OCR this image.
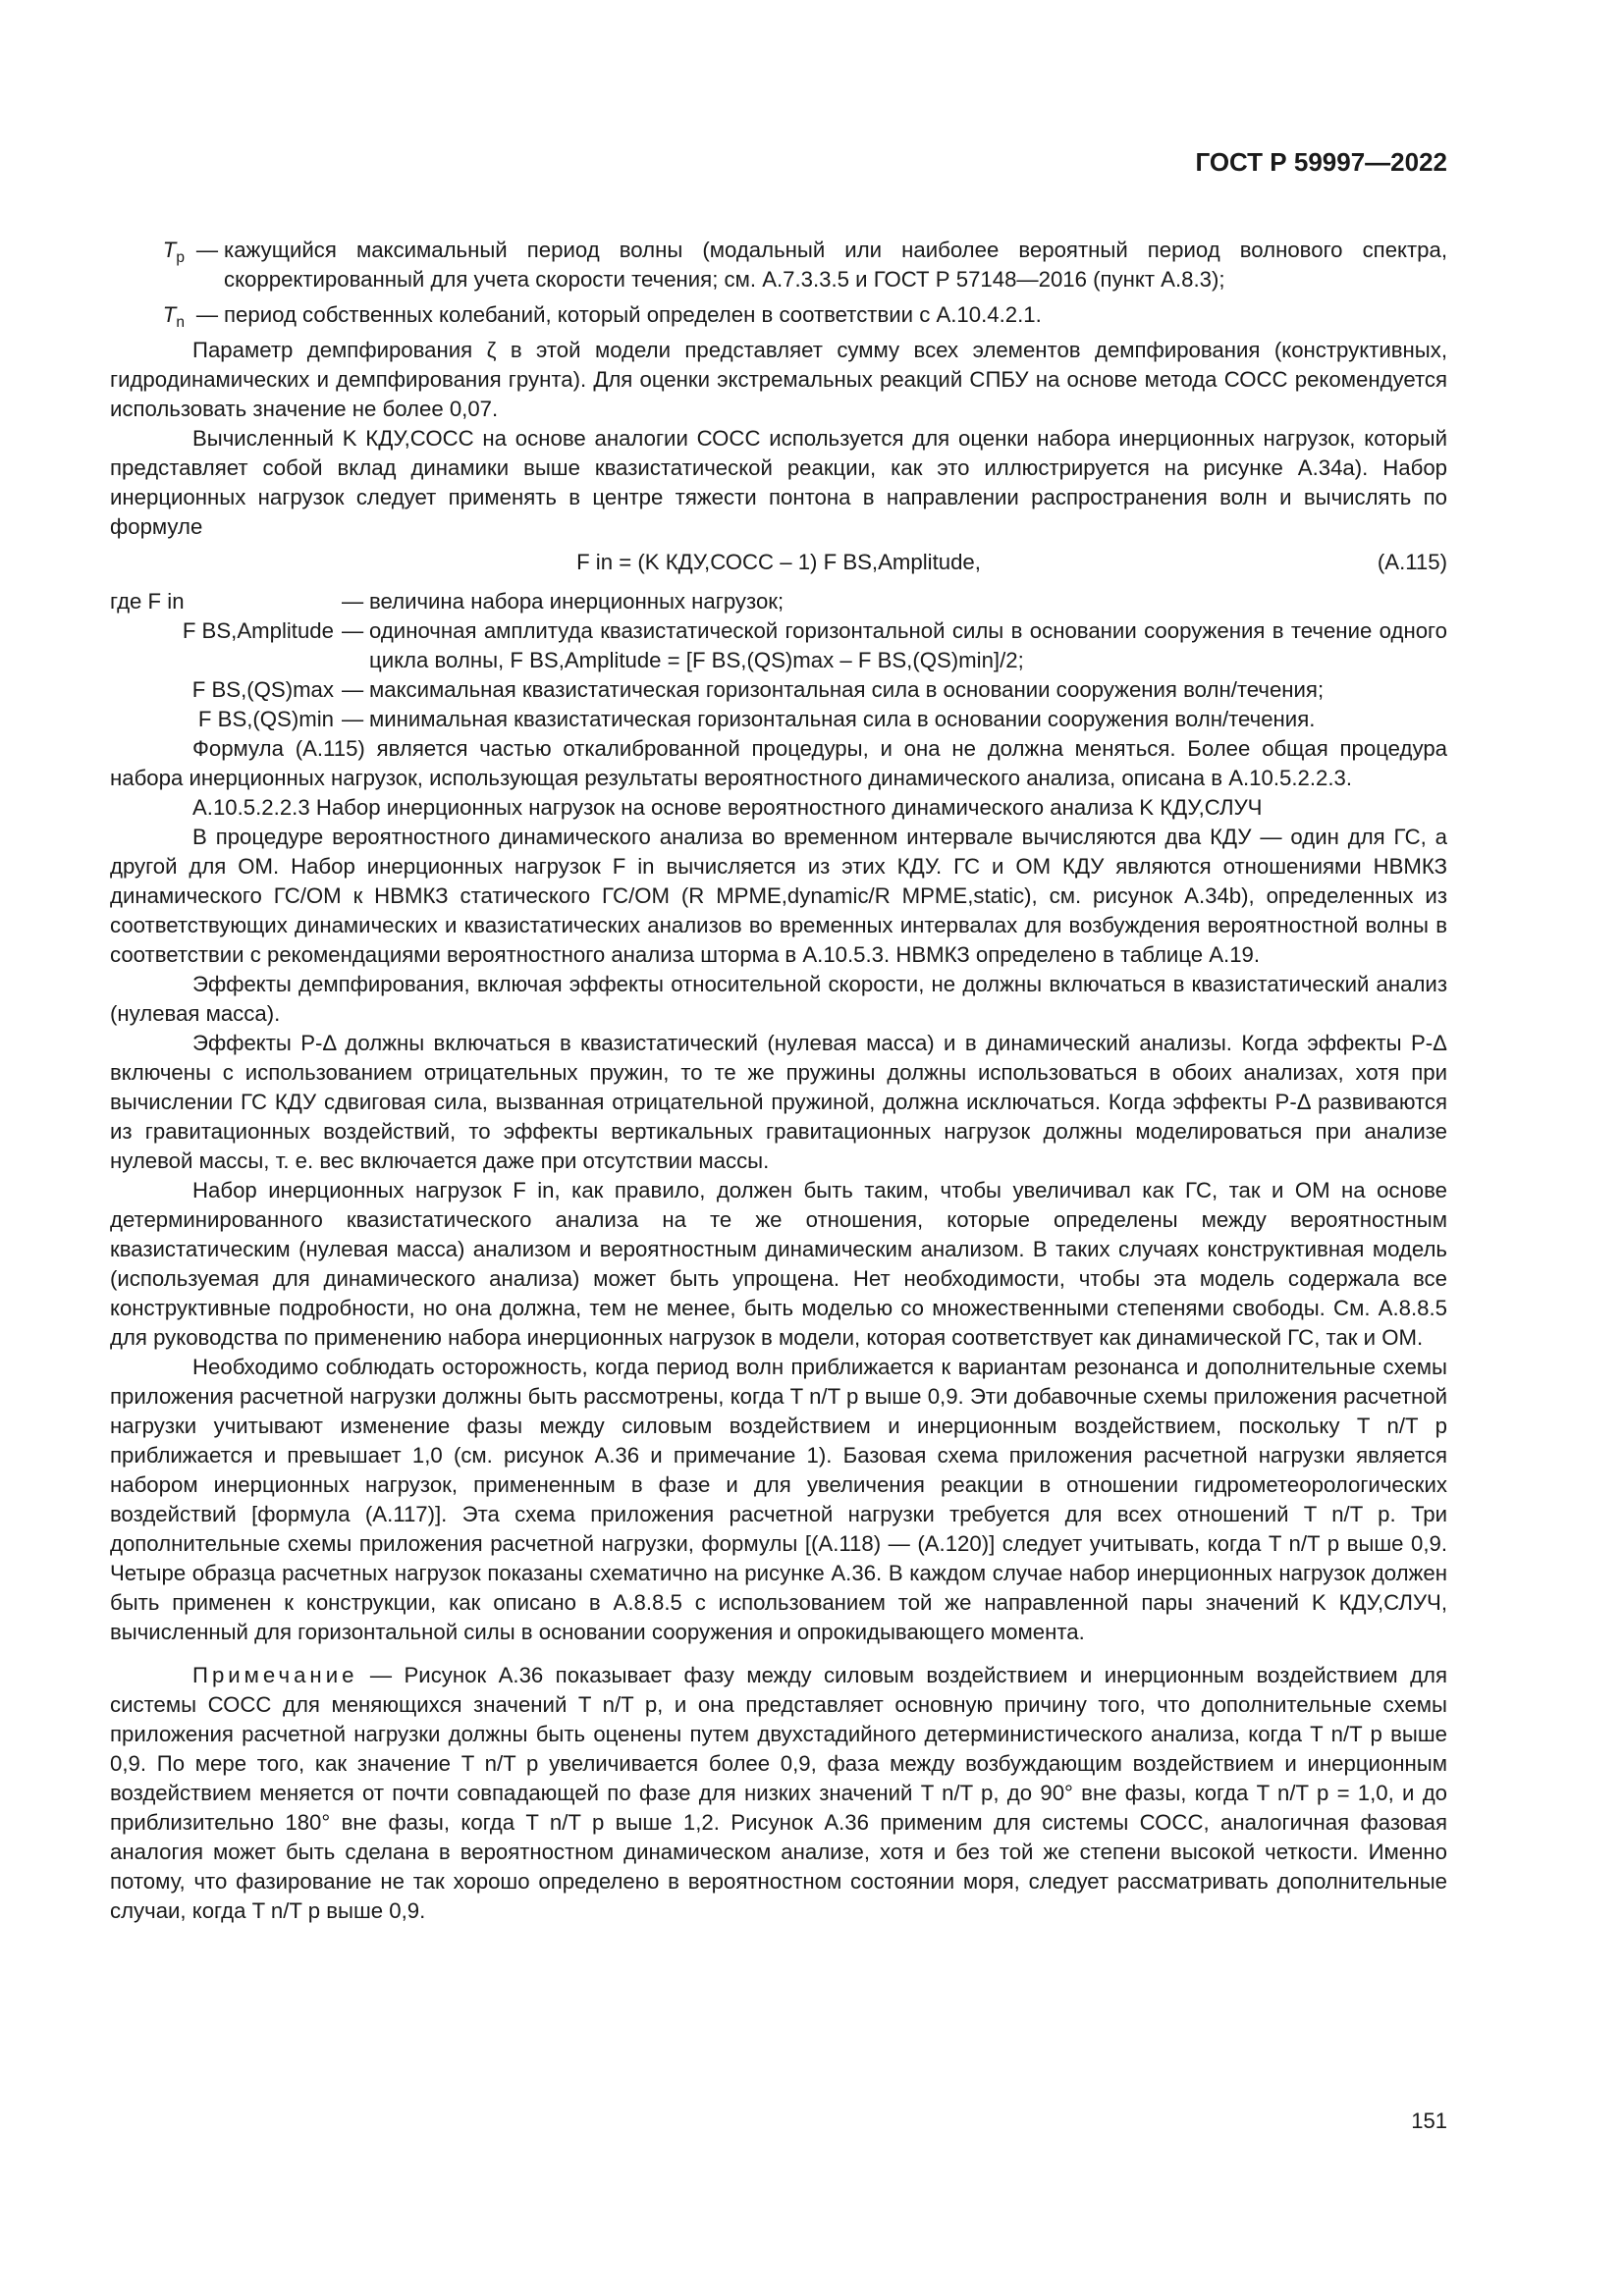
ГОСТ Р 59997—2022
$T_p$ — кажущийся максимальный период волны (модальный или наиболее вероятный период волнового спектра, скорректированный для учета скорости течения; см. А.7.3.3.5 и ГОСТ Р 57148—2016 (пункт А.8.3);
$T_n$ — период собственных колебаний, который определен в соответствии с А.10.4.2.1.

Параметр демпфирования ζ в этой модели представляет сумму всех элементов демпфирования (конструктивных, гидродинамических и демпфирования грунта). Для оценки экстремальных реакций СПБУ на основе метода СОСС рекомендуется использовать значение не более 0,07.

Вычисленный K КДУ,СОСС на основе аналогии СОСС используется для оценки набора инерционных нагрузок, который представляет собой вклад динамики выше квазистатической реакции, как это иллюстрируется на рисунке А.34а). Набор инерционных нагрузок следует применять в центре тяжести понтона в направлении распространения волн и вычислять по формуле

F in = (K КДУ,СОСС – 1) F BS,Amplitude,	(А.115)
где F in	— величина набора инерционных нагрузок;
F BS,Amplitude — одиночная амплитуда квазистатической горизонтальной силы в основании сооружения в течение одного цикла волны, F BS,Amplitude = [F BS,(QS)max – F BS,(QS)min]/2;
F BS,(QS)max — максимальная квазистатическая горизонтальная сила в основании сооружения волн/течения;
F BS,(QS)min — минимальная квазистатическая горизонтальная сила в основании сооружения волн/течения.

Формула (А.115) является частью откалиброванной процедуры, и она не должна меняться. Более общая процедура набора инерционных нагрузок, использующая результаты вероятностного динамического анализа, описана в А.10.5.2.2.3.

А.10.5.2.2.3 Набор инерционных нагрузок на основе вероятностного динамического анализа K КДУ,СЛУЧ

В процедуре вероятностного динамического анализа во временном интервале вычисляются два КДУ — один для ГС, а другой для ОМ. Набор инерционных нагрузок F in вычисляется из этих КДУ. ГС и ОМ КДУ являются отношениями НВМКЗ динамического ГС/ОМ к НВМКЗ статического ГС/ОМ (R MPME,dynamic/R MPME,static), см. рисунок А.34b), определенных из соответствующих динамических и квазистатических анализов во временных интервалах для возбуждения вероятностной волны в соответствии с рекомендациями вероятностного анализа шторма в А.10.5.3. НВМКЗ определено в таблице А.19.

Эффекты демпфирования, включая эффекты относительной скорости, не должны включаться в квазистатический анализ (нулевая масса).

Эффекты P-Δ должны включаться в квазистатический (нулевая масса) и в динамический анализы. Когда эффекты P-Δ включены с использованием отрицательных пружин, то те же пружины должны использоваться в обоих анализах, хотя при вычислении ГС КДУ сдвиговая сила, вызванная отрицательной пружиной, должна исключаться. Когда эффекты P-Δ развиваются из гравитационных воздействий, то эффекты вертикальных гравитационных нагрузок должны моделироваться при анализе нулевой массы, т. е. вес включается даже при отсутствии массы.

Набор инерционных нагрузок F in, как правило, должен быть таким, чтобы увеличивал как ГС, так и ОМ на основе детерминированного квазистатического анализа на те же отношения, которые определены между вероятностным квазистатическим (нулевая масса) анализом и вероятностным динамическим анализом. В таких случаях конструктивная модель (используемая для динамического анализа) может быть упрощена. Нет необходимости, чтобы эта модель содержала все конструктивные подробности, но она должна, тем не менее, быть моделью со множественными степенями свободы. См. А.8.8.5 для руководства по применению набора инерционных нагрузок в модели, которая соответствует как динамической ГС, так и ОМ.

Необходимо соблюдать осторожность, когда период волн приближается к вариантам резонанса и дополнительные схемы приложения расчетной нагрузки должны быть рассмотрены, когда T n/T p выше 0,9. Эти добавочные схемы приложения расчетной нагрузки учитывают изменение фазы между силовым воздействием и инерционным воздействием, поскольку T n/T p приближается и превышает 1,0 (см. рисунок А.36 и примечание 1). Базовая схема приложения расчетной нагрузки является набором инерционных нагрузок, примененным в фазе и для увеличения реакции в отношении гидрометеорологических воздействий [формула (А.117)]. Эта схема приложения расчетной нагрузки требуется для всех отношений T n/T p. Три дополнительные схемы приложения расчетной нагрузки, формулы [(А.118) — (А.120)] следует учитывать, когда T n/T p выше 0,9. Четыре образца расчетных нагрузок показаны схематично на рисунке А.36. В каждом случае набор инерционных нагрузок должен быть применен к конструкции, как описано в А.8.8.5 с использованием той же направленной пары значений K КДУ,СЛУЧ, вычисленный для горизонтальной силы в основании сооружения и опрокидывающего момента.

Примечание — Рисунок А.36 показывает фазу между силовым воздействием и инерционным воздействием для системы СОСС для меняющихся значений T n/T p, и она представляет основную причину того, что дополнительные схемы приложения расчетной нагрузки должны быть оценены путем двухстадийного детерминистического анализа, когда T n/T p выше 0,9. По мере того, как значение T n/T p увеличивается более 0,9, фаза между возбуждающим воздействием и инерционным воздействием меняется от почти совпадающей по фазе для низких значений T n/T p, до 90° вне фазы, когда T n/T p = 1,0, и до приблизительно 180° вне фазы, когда T n/T p выше 1,2. Рисунок А.36 применим для системы СОСС, аналогичная фазовая аналогия может быть сделана в вероятностном динамическом анализе, хотя и без той же степени высокой четкости. Именно потому, что фазирование не так хорошо определено в вероятностном состоянии моря, следует рассматривать дополнительные случаи, когда T n/T p выше 0,9.

151
